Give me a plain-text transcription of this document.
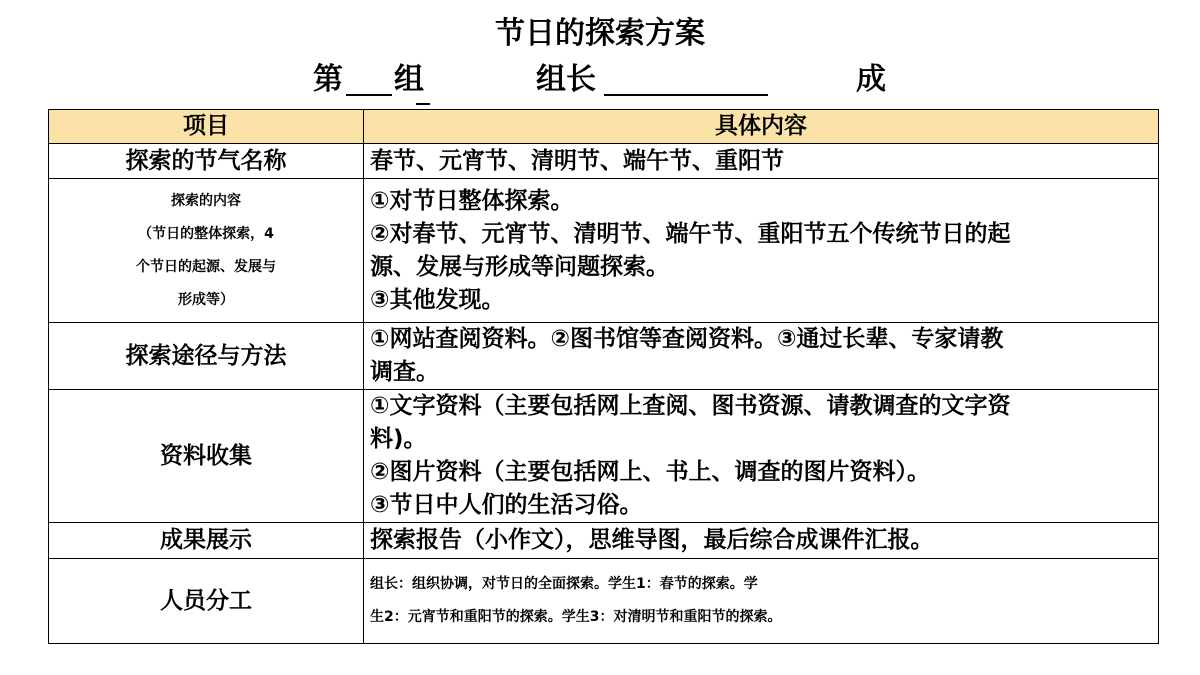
节日的探索方案
第 组	组长	成
项目	具体内容

探索的节气名称	春节、元宵节、清明节、端午节、重阳节

探索的内容
（节日的整体探索，4
个节日的起源、发展与
形成等）	①对节日整体探索。
②对春节、元宵节、清明节、端午节、重阳节五个传统节日的起
源、发展与形成等问题探索。
③其他发现。

探索途径与方法	①网站查阅资料。②图书馆等查阅资料。③通过长辈、专家请教
调查。

资料收集	①文字资料（主要包括网上查阅、图书资源、请教调查的文字资
料)。
②图片资料（主要包括网上、书上、调查的图片资料）。
③节日中人们的生活习俗。

成果展示	探索报告（小作文），思维导图，最后综合成课件汇报。

人员分工	组长：组织协调，对节日的全面探索。学生1：春节的探索。学
生2：元宵节和重阳节的探索。学生3：对清明节和重阳节的探索。
